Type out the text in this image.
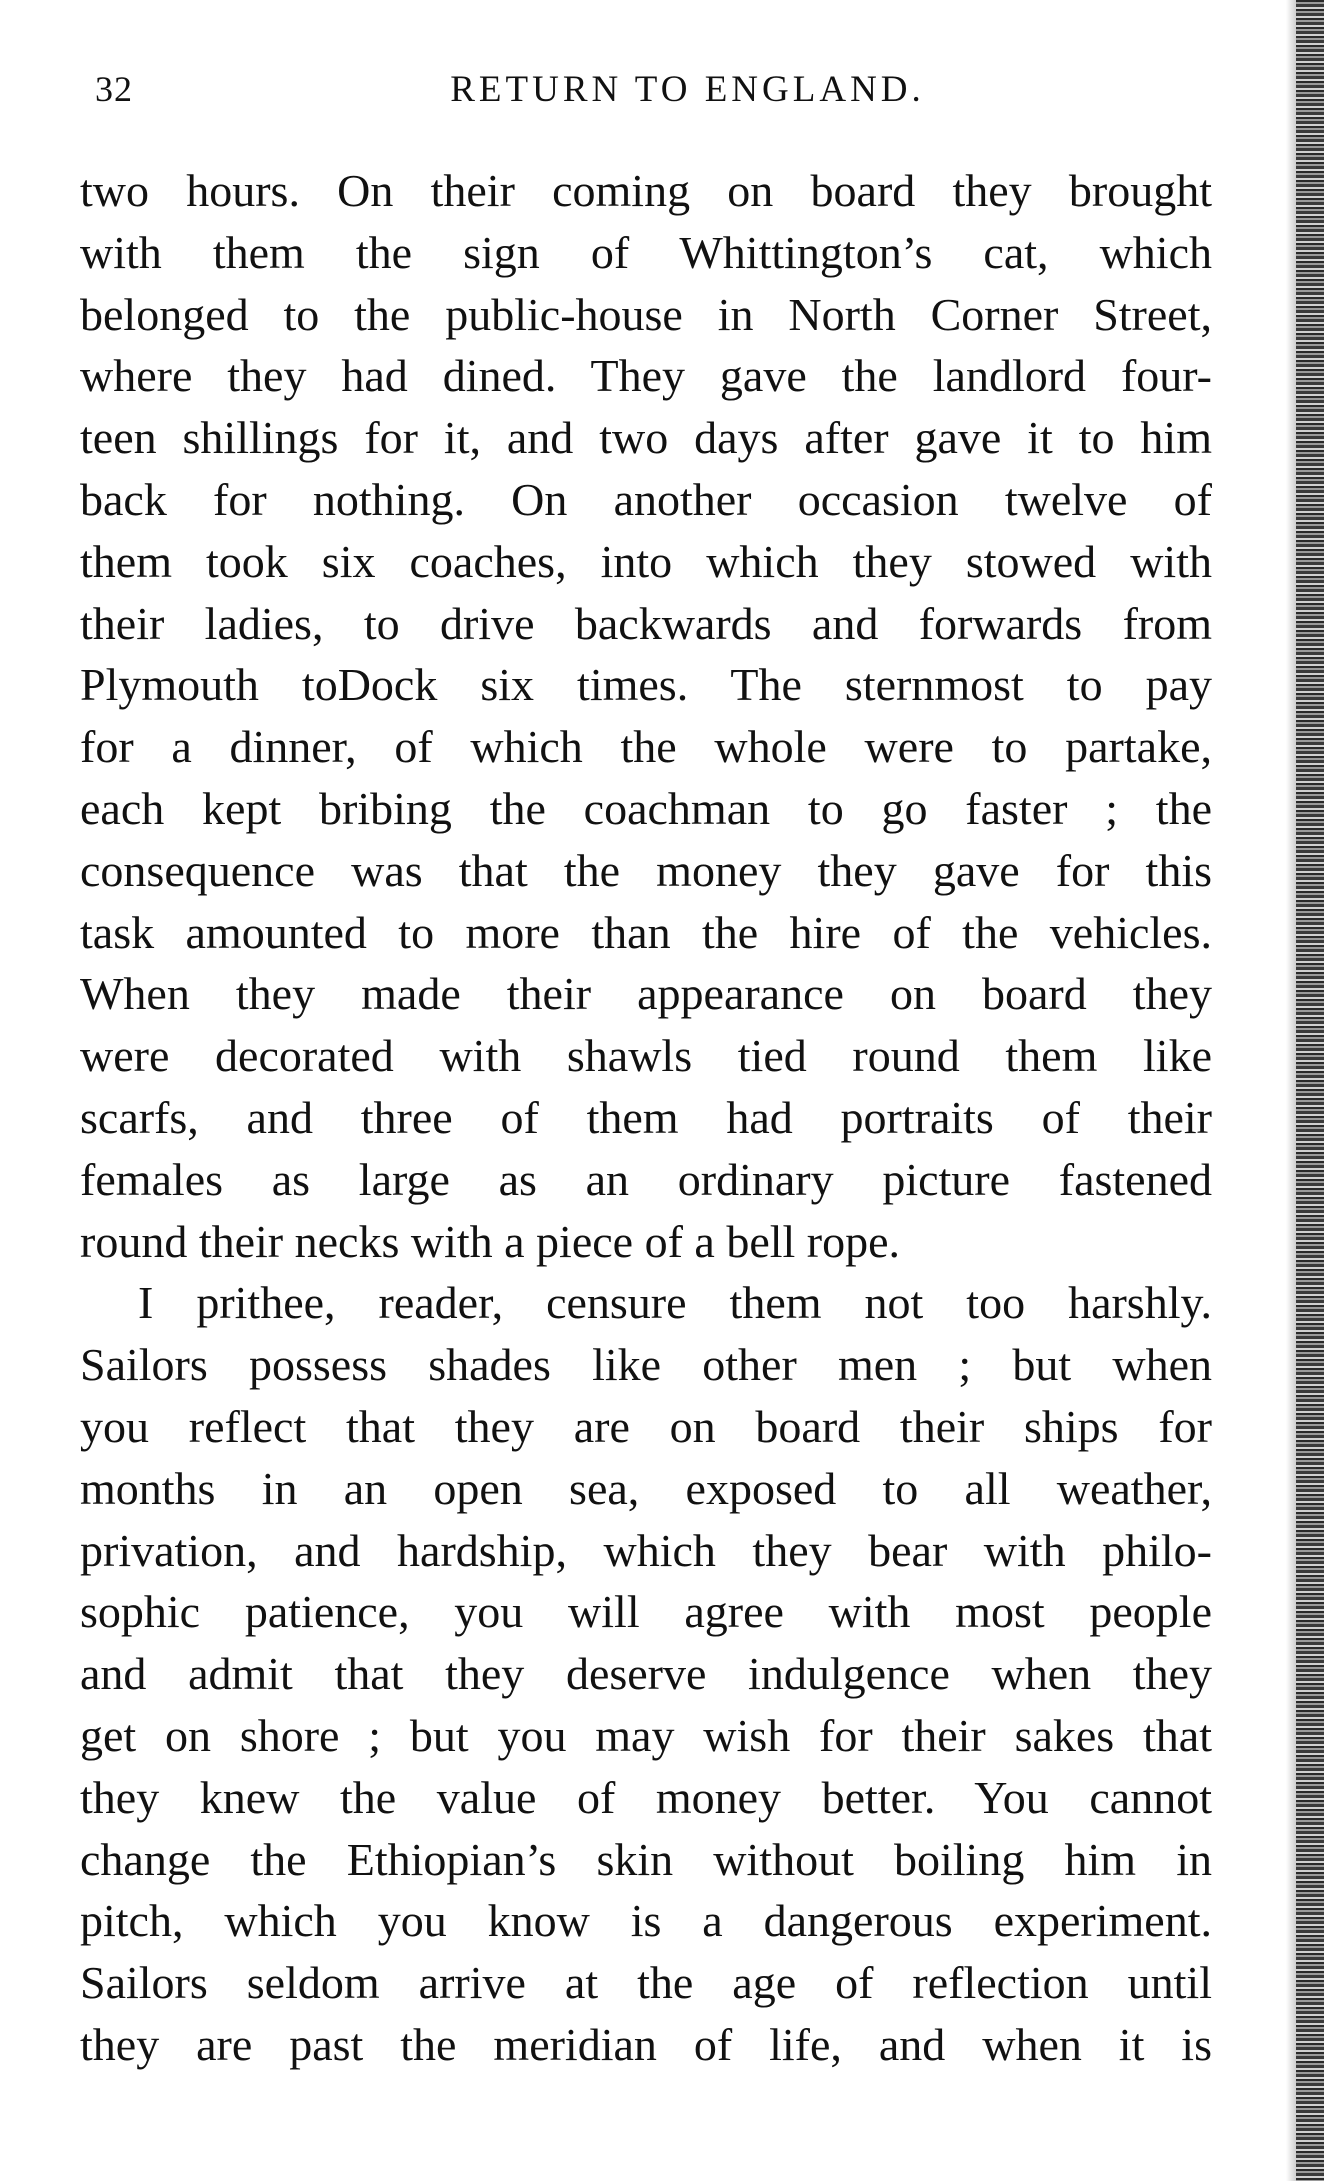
32	RETURN TO ENGLAND.
two hours. On their coming on board they brought
with them the sign of Whittington’s cat, which
belonged to the public-house in North Corner Street,
where they had dined. They gave the landlord four-
teen shillings for it, and two days after gave it to him
back for nothing. On another occasion twelve of
them took six coaches, into which they stowed with
their ladies, to drive backwards and forwards from
Plymouth toDock six times. The sternmost to pay
for a dinner, of which the whole were to partake,
each kept bribing the coachman to go faster ; the
consequence was that the money they gave for this
task amounted to more than the hire of the vehicles.
When they made their appearance on board they
were decorated with shawls tied round them like
scarfs, and three of them had portraits of their
females as large as an ordinary picture fastened
round their necks with a piece of a bell rope.
I prithee, reader, censure them not too harshly.
Sailors possess shades like other men ; but when
you reflect that they are on board their ships for
months in an open sea, exposed to all weather,
privation, and hardship, which they bear with philo-
sophic patience, you will agree with most people
and admit that they deserve indulgence when they
get on shore ; but you may wish for their sakes that
they knew the value of money better. You cannot
change the Ethiopian’s skin without boiling him in
pitch, which you know is a dangerous experiment.
Sailors seldom arrive at the age of reflection until
they are past the meridian of life, and when it is
